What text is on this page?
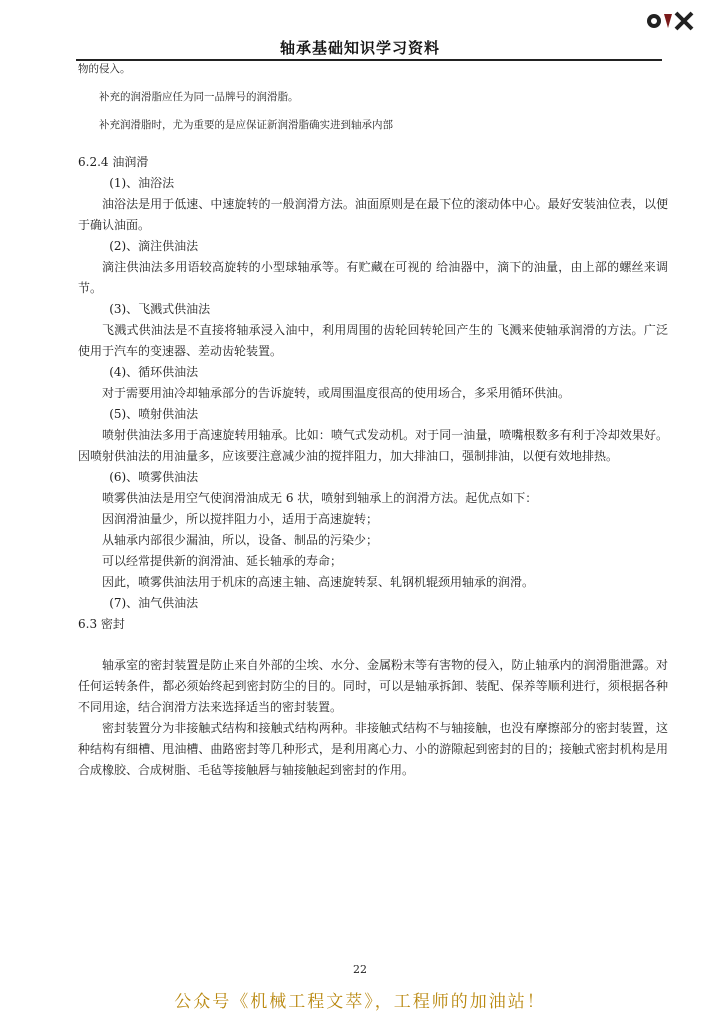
轴承基础知识学习资料

物的侵入。

补充的润滑脂应任为同一品牌号的润滑脂。

补充润滑脂时，尤为重要的是应保证新润滑脂确实进到轴承内部

6.2.4 油润滑

(1)、油浴法

油浴法是用于低速、中速旋转的一般润滑方法。油面原则是在最下位的滚动体中心。最好安装油位表，以便于确认油面。

(2)、滴注供油法

滴注供油法多用语较高旋转的小型球轴承等。有贮藏在可视的 给油器中，滴下的油量，由上部的螺丝来调节。

(3)、飞溅式供油法

飞溅式供油法是不直接将轴承浸入油中，利用周围的齿轮回转轮回产生的 飞溅来使轴承润滑的方法。广泛使用于汽车的变速器、差动齿轮装置。

(4)、循环供油法

对于需要用油冷却轴承部分的告诉旋转，或周围温度很高的使用场合，多采用循环供油。

(5)、喷射供油法

喷射供油法多用于高速旋转用轴承。比如：喷气式发动机。对于同一油量，喷嘴根数多有利于冷却效果好。因喷射供油法的用油量多，应该要注意减少油的搅拌阻力，加大排油口，强制排油，以便有效地排热。

(6)、喷雾供油法

喷雾供油法是用空气使润滑油成无 6 状，喷射到轴承上的润滑方法。起优点如下：

因润滑油量少，所以搅拌阻力小，适用于高速旋转；

从轴承内部很少漏油，所以，设备、制品的污染少；

可以经常提供新的润滑油、延长轴承的寿命；

因此，喷雾供油法用于机床的高速主轴、高速旋转泵、轧钢机辊颈用轴承的润滑。

(7)、油气供油法

6.3 密封

轴承室的密封装置是防止来自外部的尘埃、水分、金属粉末等有害物的侵入，防止轴承内的润滑脂泄露。对任何运转条件，都必须始终起到密封防尘的目的。同时，可以是轴承拆卸、装配、保养等顺利进行，须根据各种不同用途，结合润滑方法来选择适当的密封装置。

密封装置分为非接触式结构和接触式结构两种。非接触式结构不与轴接触，也没有摩擦部分的密封装置，这种结构有细槽、甩油槽、曲路密封等几种形式，是利用离心力、小的游隙起到密封的目的；接触式密封机构是用合成橡胶、合成树脂、毛毡等接触唇与轴接触起到密封的作用。

22
公众号《机械工程文萃》，工程师的加油站！
